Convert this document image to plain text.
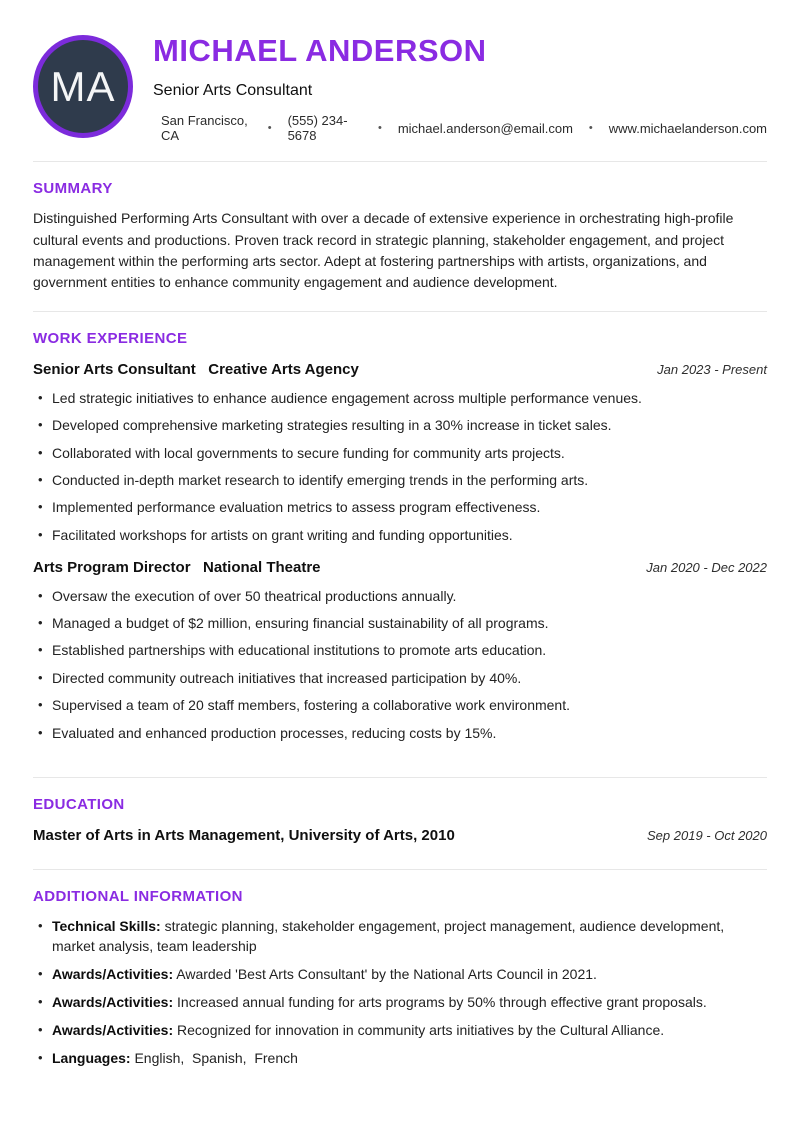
MA
MICHAEL ANDERSON
Senior Arts Consultant
San Francisco, CA	•	(555) 234-5678	•	michael.anderson@email.com	•	www.michaelanderson.com
SUMMARY

Distinguished Performing Arts Consultant with over a decade of extensive experience in orchestrating high-profile cultural events and productions. Proven track record in strategic planning, stakeholder engagement, and project management within the performing arts sector. Adept at fostering partnerships with artists, organizations, and government entities to enhance community engagement and audience development.

WORK EXPERIENCE
Senior Arts Consultant Creative Arts Agency	Jan 2023 - Present
• Led strategic initiatives to enhance audience engagement across multiple performance venues.
• Developed comprehensive marketing strategies resulting in a 30% increase in ticket sales.
• Collaborated with local governments to secure funding for community arts projects.
• Conducted in-depth market research to identify emerging trends in the performing arts.
• Implemented performance evaluation metrics to assess program effectiveness.
• Facilitated workshops for artists on grant writing and funding opportunities.
Arts Program Director National Theatre	Jan 2020 - Dec 2022
• Oversaw the execution of over 50 theatrical productions annually.
• Managed a budget of $2 million, ensuring financial sustainability of all programs.
• Established partnerships with educational institutions to promote arts education.
• Directed community outreach initiatives that increased participation by 40%.
• Supervised a team of 20 staff members, fostering a collaborative work environment.
• Evaluated and enhanced production processes, reducing costs by 15%.
EDUCATION
Master of Arts in Arts Management, University of Arts, 2010	Sep 2019 - Oct 2020
ADDITIONAL INFORMATION
• Technical Skills: strategic planning, stakeholder engagement, project management, audience development, market analysis, team leadership
• Awards/Activities: Awarded 'Best Arts Consultant' by the National Arts Council in 2021.
• Awards/Activities: Increased annual funding for arts programs by 50% through effective grant proposals.
• Awards/Activities: Recognized for innovation in community arts initiatives by the Cultural Alliance.
• Languages: English,  Spanish,  French
